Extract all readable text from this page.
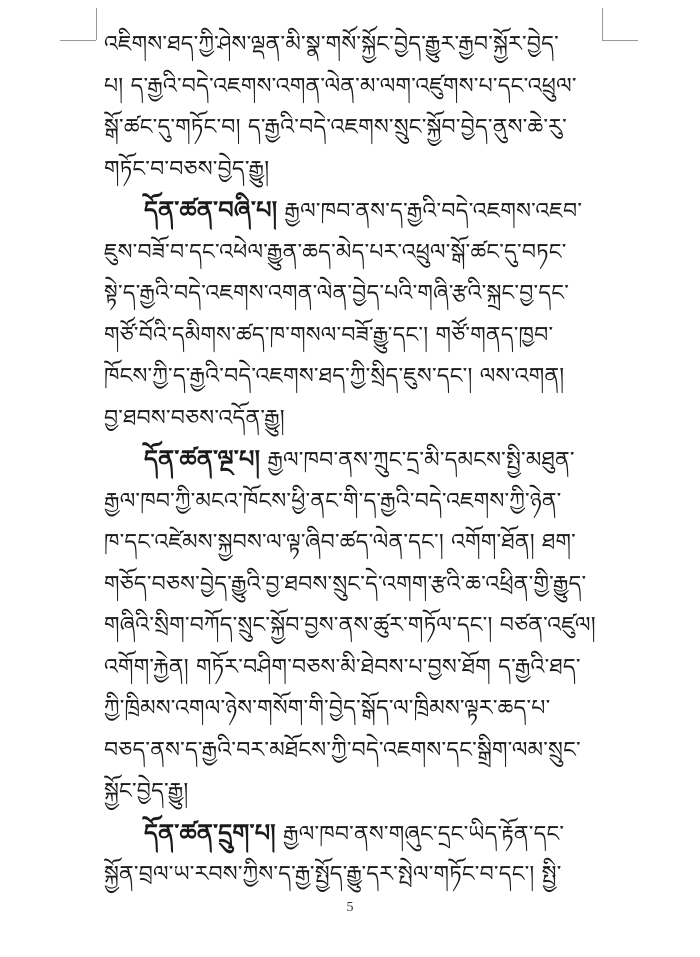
འཇིགས་ཐད་ཀྱི་ཤེས་ལྡན་མི་སྣ་གསོ་སྐྱོང་བྱེད་རྒྱུར་རྒྱབ་སྐྱོར་བྱེད་
པ། ད་རྒྱའི་བདེ་འཇགས་འགན་ལེན་མ་ལག་འཛུགས་པ་དང་འཕྲུལ་
སྒོ་ཚང་དུ་གཏོང་བ། ད་རྒྱའི་བདེ་འཇགས་སྲུང་སྐྱོབ་བྱེད་ནུས་ཆེ་རུ་
གཏོང་བ་བཅས་བྱེད་རྒྱུ།
དོན་ཚན་བཞི་པ། རྒྱལ་ཁབ་ནས་ད་རྒྱའི་བདེ་འཇགས་འཇབ་
ཇུས་བཟོ་བ་དང་འཕེལ་རྒྱུན་ཆད་མེད་པར་འཕྲུལ་སྒོ་ཚང་དུ་བཏང་
སྟེ་ད་རྒྱའི་བདེ་འཇགས་འགན་ལེན་བྱེད་པའི་གཞི་རྩའི་སྐྲང་བྱ་དང་
གཙོ་བོའི་དམིགས་ཚད་ཁ་གསལ་བཟོ་རྒྱུ་དང་། གཙོ་གནད་ཁྱབ་
ཁོངས་ཀྱི་ད་རྒྱའི་བདེ་འཇགས་ཐད་ཀྱི་སྲིད་ཇུས་དང་། ལས་འགན།
བྱ་ཐབས་བཅས་འདོན་རྒྱུ།
དོན་ཚན་ལྔ་པ། རྒྱལ་ཁབ་ནས་ཀྲུང་དྲ་མི་དམངས་སྤྱི་མཐུན་
རྒྱལ་ཁབ་ཀྱི་མངའ་ཁོངས་ཕྱི་ནང་གི་ད་རྒྱའི་བདེ་འཇགས་ཀྱི་ཉེན་
ཁ་དང་འཛེམས་སྐྱབས་ལ་ལྟ་ཞིབ་ཚད་ལེན་དང་། འགོག་ཐོན། ཐག་
གཅོད་བཅས་བྱེད་རྒྱུའི་བྱ་ཐབས་སྲུང་དེ་འགག་རྩའི་ཆ་འཕྲིན་གྱི་རྒྱུད་
གཞིའི་སྲིག་བཀོད་སྲུང་སྐྱོབ་བྱས་ནས་ཚུར་གཏོལ་དང་། བཙན་འཛུལ།
འགོག་རྐྱེན། གཏོར་བཤིག་བཅས་མི་ཐེབས་པ་བྱས་ཐོག ད་རྒྱའི་ཐད་
ཀྱི་ཁྲིམས་འགལ་ཉེས་གསོག་གི་བྱེད་སྒོད་ལ་ཁྲིམས་ལྟར་ཆད་པ་
བཅད་ནས་ད་རྒྱའི་བར་མཐོངས་ཀྱི་བདེ་འཇགས་དང་སྒྲིག་ལམ་སྲུང་
སྐྱོང་བྱེད་རྒྱུ།
དོན་ཚན་དྲུག་པ། རྒྱལ་ཁབ་ནས་གཞུང་དྲང་ཡིད་རྟོན་དང་
སྐྱོན་བྲལ་ཡ་རབས་ཀྱིས་ད་རྒྱ་སྤྱོད་རྒྱུ་དར་སྤེལ་གཏོང་བ་དང་། སྤྱི་
5
